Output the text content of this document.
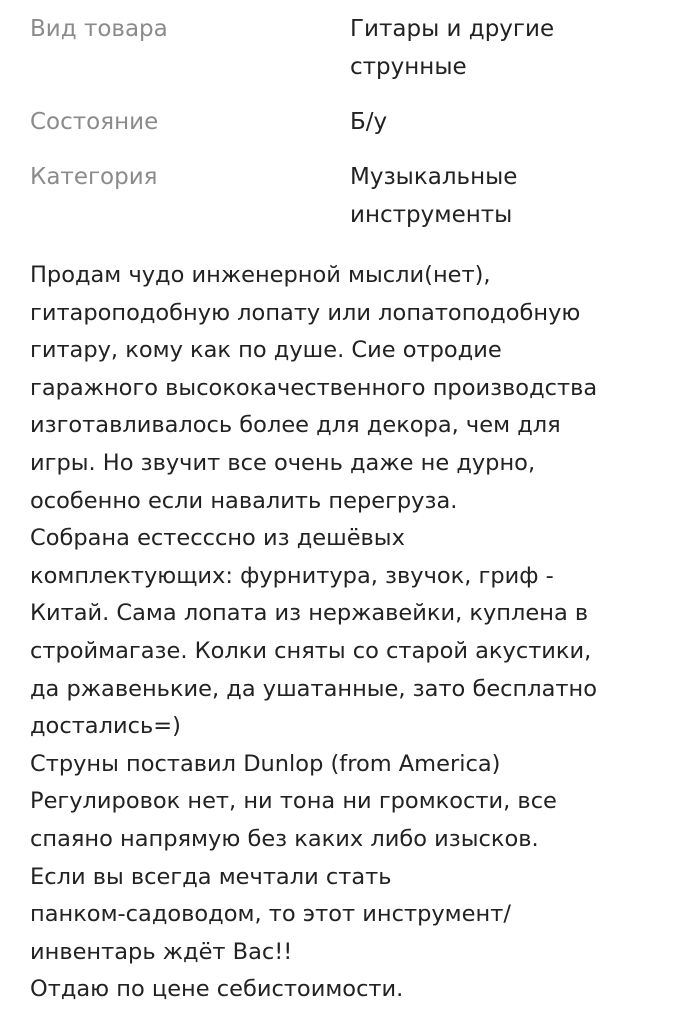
Вид товара	Гитары и другие струнные
Состояние	Б/у
Категория	Музыкальные инструменты
Продам чудо инженерной мысли(нет),
гитароподобную лопату или лопатоподобную
гитару, кому как по душе. Сие отродие
гаражного высококачественного производства
изготавливалось более для декора, чем для
игры. Но звучит все очень даже не дурно,
особенно если навалить перегруза.
Собрана естесссно из дешёвых
комплектующих: фурнитура, звучок, гриф -
Китай. Сама лопата из нержавейки, куплена в
строймагазе. Колки сняты со старой акустики,
да ржавенькие, да ушатанные, зато бесплатно
достались=)
Струны поставил Dunlop (from America)
Регулировок нет, ни тона ни громкости, все
спаяно напрямую без каких либо изысков.
Если вы всегда мечтали стать
панком-садоводом, то этот инструмент/
инвентарь ждёт Вас!!
Отдаю по цене себистоимости.
